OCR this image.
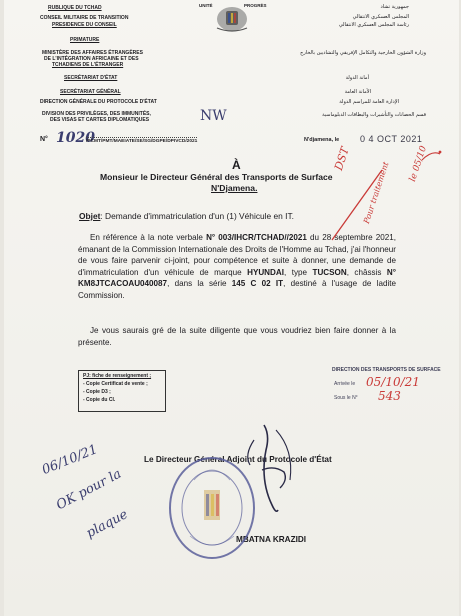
RUBLIQUE DU TCHAD
CONSEIL MILITAIRE DE TRANSITION
PRESIDENCE DU CONSEIL
PRIMATURE
MINISTÈRE DES AFFAIRES ÉTRANGÈRES
DE L'INTÉGRATION AFRICAINE ET DES
TCHADIENS DE L'ÉTRANGER
SECRÉTARIAT D'ÉTAT
SECRÉTARIAT GÉNÉRAL
DIRECTION GÉNÉRALE DU PROTOCOLE D'ÉTAT
DIVISION DES PRIVILÈGES, DES IMMUNITÉS,
DES VISAS ET CARTES DIPLOMATIQUES
UNITÉ	PROGRÈS	جمهورية تشاد
المجلس العسكري الانتقالي
رئاسة المجلس العسكري الانتقالي
وزارة الشؤون الخارجية والتكامل الإفريقي والتشاديين بالخارج
أمانة الدولة
الأمانة العامة
الإدارة العامة للمراسم الدولة
قسم الحصانات والتأشيرات والبطاقات الدبلوماسية
NW
N° 1020
/PCMT/PMT/MAEIATE/SE/SG/DGPE/DPIVCD/2021	N'djamena, le 0 4 OCT 2021
À
Monsieur le Directeur Général des Transports de Surface
N'Djamena.
Objet: Demande d'immatriculation d'un (1) Véhicule en IT.
En référence à la note verbale N° 003/IHCR/TCHAD//2021 du 28 septembre 2021, émanant de la Commission Internationale des Droits de l'Homme au Tchad, j'ai l'honneur de vous faire parvenir ci-joint, pour compétence et suite à donner, une demande de d'immatriculation d'un véhicule de marque HYUNDAI, type TUCSON, châssis N° KM8JTCACOAU040087, dans la série 145 C 02 IT, destiné à l'usage de ladite Commission.
Je vous saurais gré de la suite diligente que vous voudriez bien faire donner à la présente.
PJ: fiche de renseignement ;
- Copie Certificat de vente ;
- Copie D3 ;
- Copie du CI.
DIRECTION DES TRANSPORTS DE SURFACE
Arrivée le 05/10/21
Sous le N° 543
DST
Pour traitement le 05/10
Le Directeur Général Adjoint du Protocole d'État
MBATNA KRAZIDI
06/10/21
OK pour la
plaque
